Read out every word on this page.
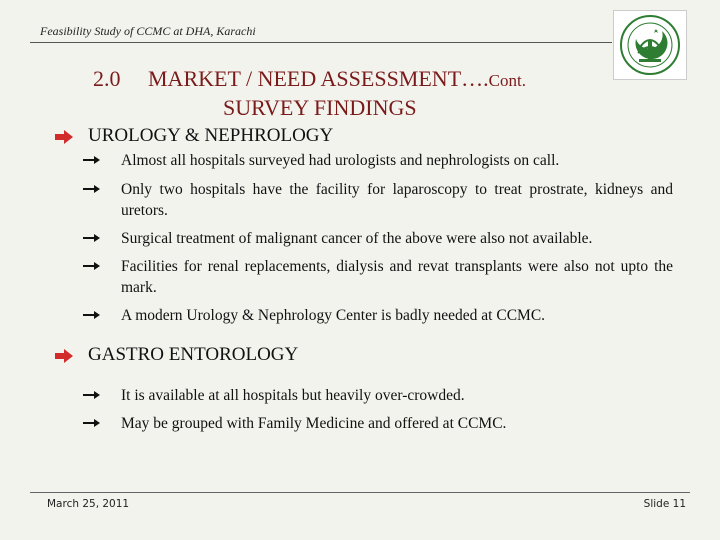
Feasibility Study of CCMC at DHA, Karachi
2.0 MARKET / NEED ASSESSMENT….Cont.
SURVEY FINDINGS
UROLOGY & NEPHROLOGY
Almost all hospitals surveyed had urologists and nephrologists on call.
Only two hospitals have the facility for laparoscopy to treat prostrate, kidneys and uretors.
Surgical treatment of malignant cancer of the above were also not available.
Facilities for renal replacements, dialysis and revat transplants were also not upto the mark.
A modern Urology & Nephrology Center is badly needed at CCMC.
GASTRO ENTOROLOGY
It is available at all hospitals but heavily over-crowded.
May be grouped with Family Medicine and offered at CCMC.
March 25, 2011	Slide 11
